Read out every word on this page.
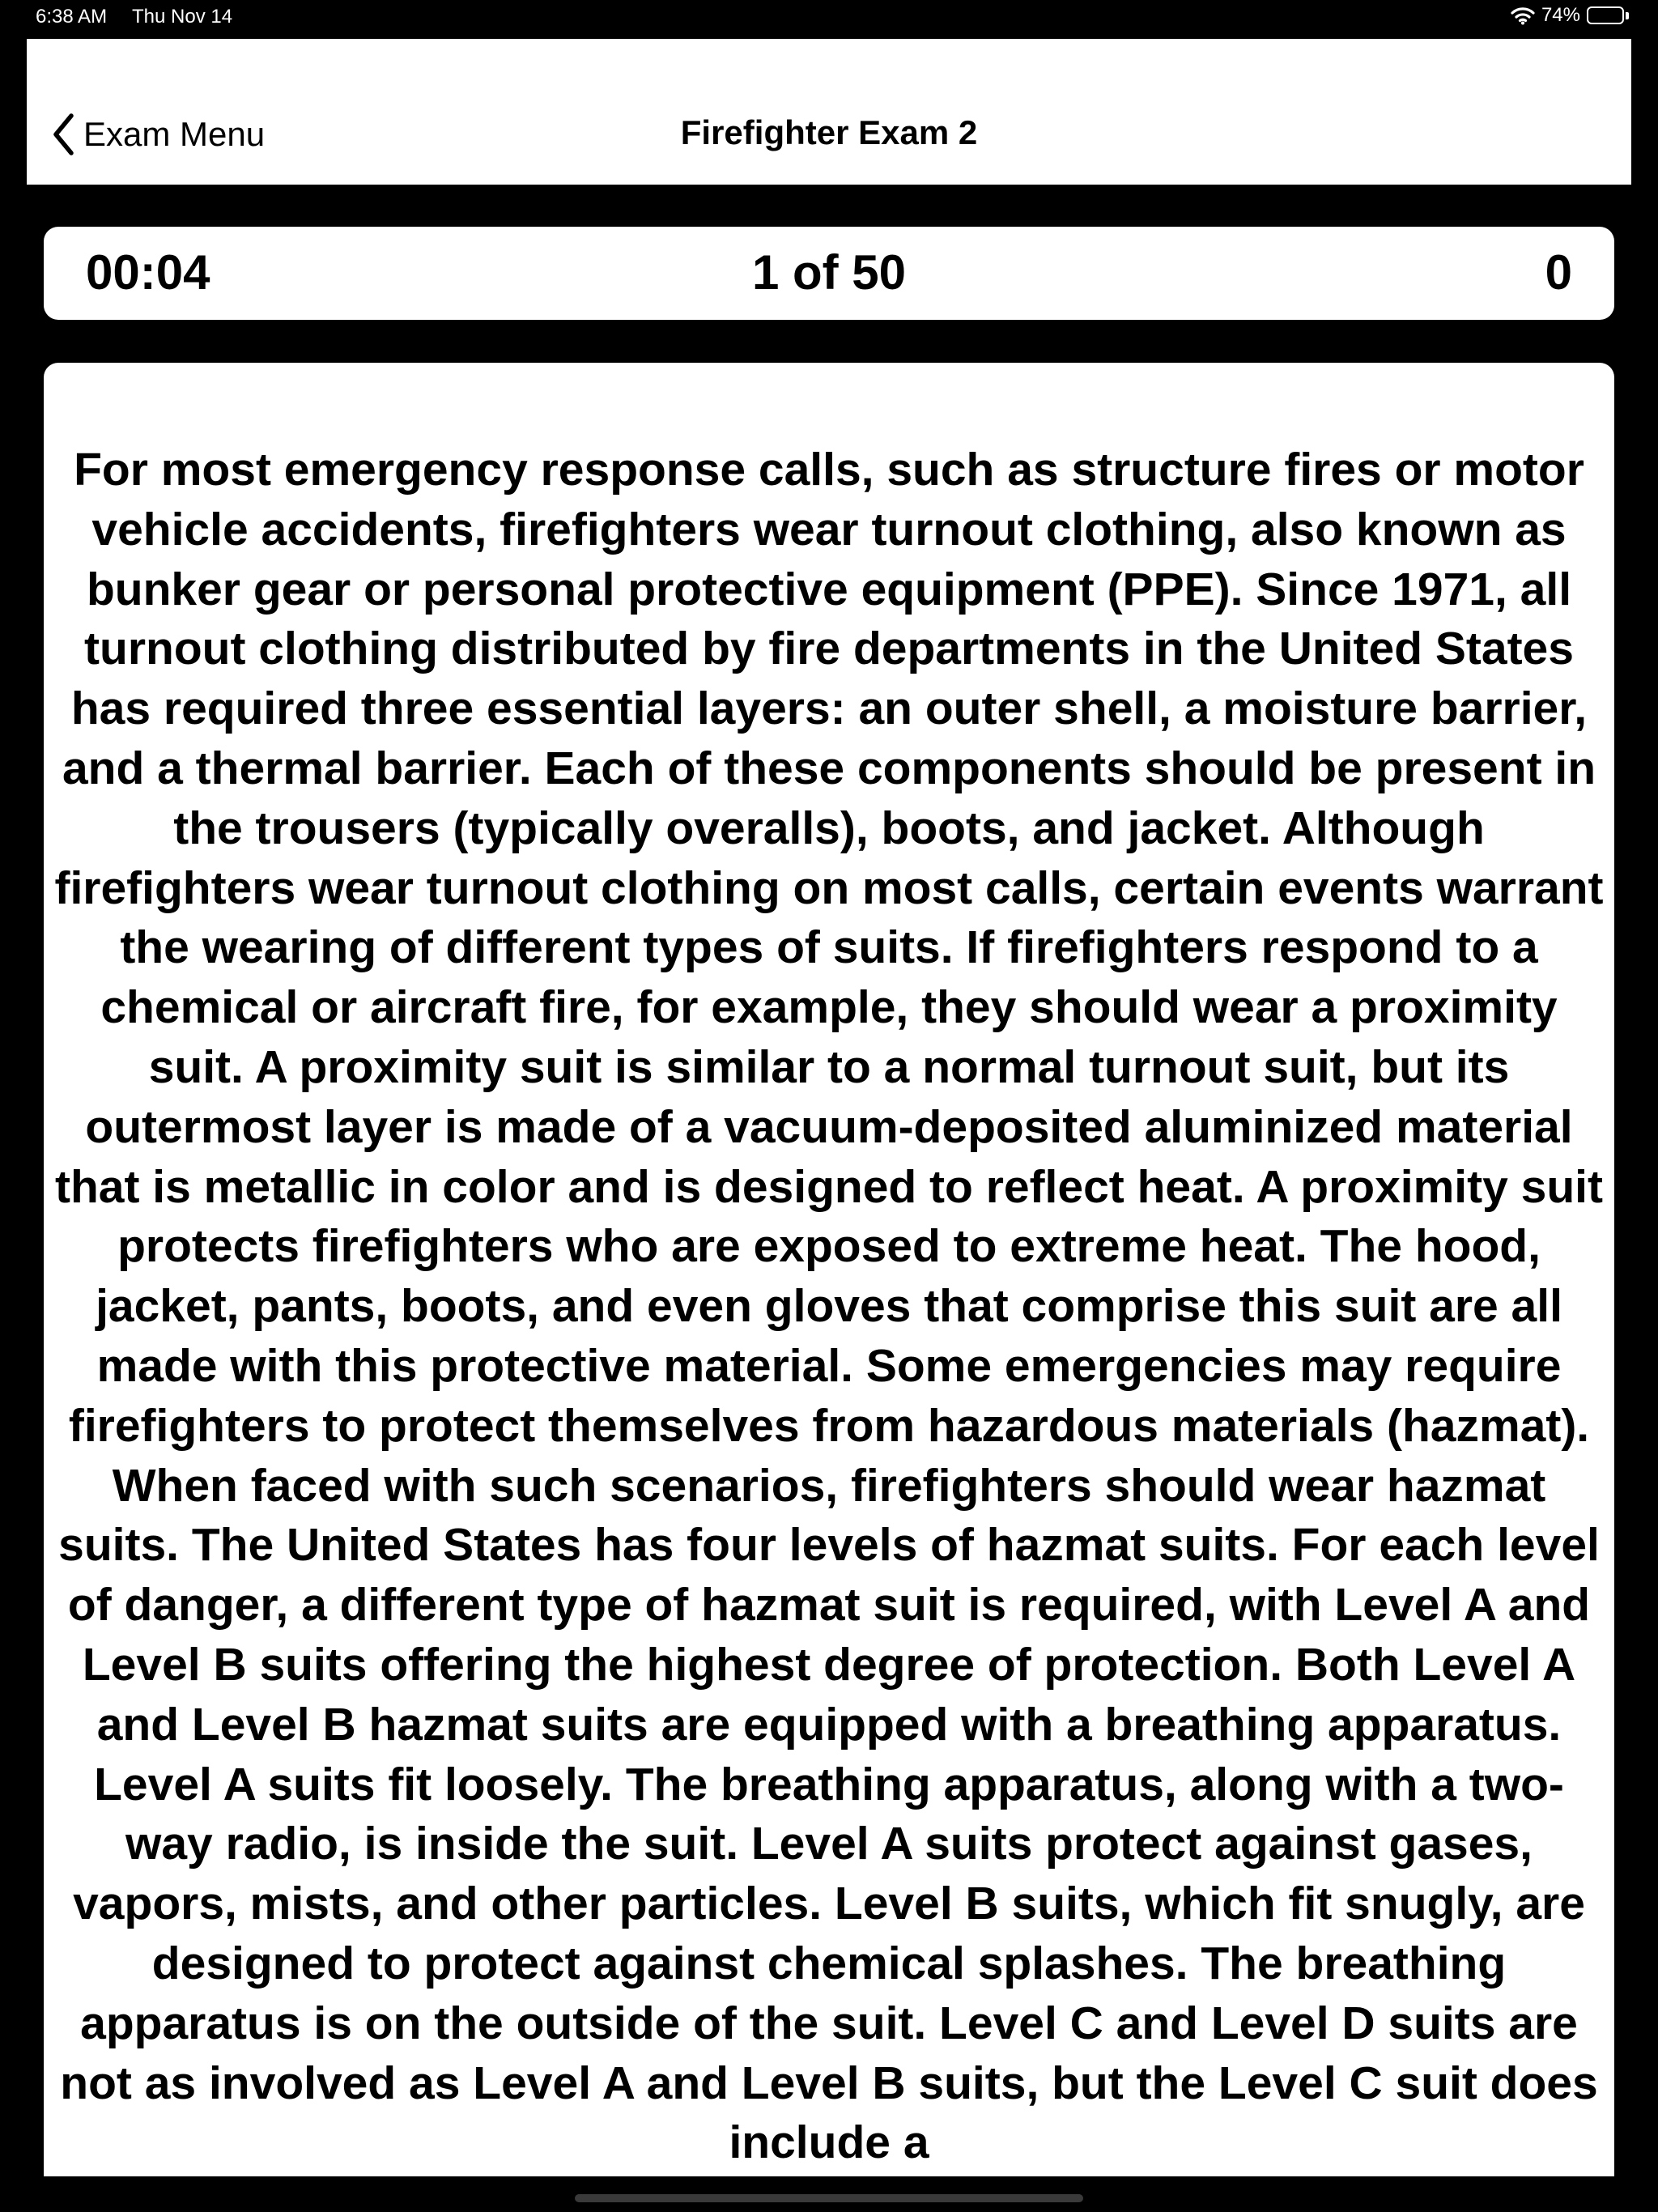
6:38 AM Thu Nov 14	74%
Exam Menu	Firefighter Exam 2
00:04	1 of 50	0

For most emergency response calls, such as structure fires or motor vehicle accidents, firefighters wear turnout clothing, also known as bunker gear or personal protective equipment (PPE). Since 1971, all turnout clothing distributed by fire departments in the United States has required three essential layers: an outer shell, a moisture barrier, and a thermal barrier. Each of these components should be present in the trousers (typically overalls), boots, and jacket. Although firefighters wear turnout clothing on most calls, certain events warrant the wearing of different types of suits. If firefighters respond to a chemical or aircraft fire, for example, they should wear a proximity suit. A proximity suit is similar to a normal turnout suit, but its outermost layer is made of a vacuum-deposited aluminized material that is metallic in color and is designed to reflect heat. A proximity suit protects firefighters who are exposed to extreme heat. The hood, jacket, pants, boots, and even gloves that comprise this suit are all made with this protective material. Some emergencies may require firefighters to protect themselves from hazardous materials (hazmat). When faced with such scenarios, firefighters should wear hazmat suits. The United States has four levels of hazmat suits. For each level of danger, a different type of hazmat suit is required, with Level A and Level B suits offering the highest degree of protection. Both Level A and Level B hazmat suits are equipped with a breathing apparatus. Level A suits fit loosely. The breathing apparatus, along with a two-way radio, is inside the suit. Level A suits protect against gases, vapors, mists, and other particles. Level B suits, which fit snugly, are designed to protect against chemical splashes. The breathing apparatus is on the outside of the suit. Level C and Level D suits are not as involved as Level A and Level B suits, but the Level C suit does include a
